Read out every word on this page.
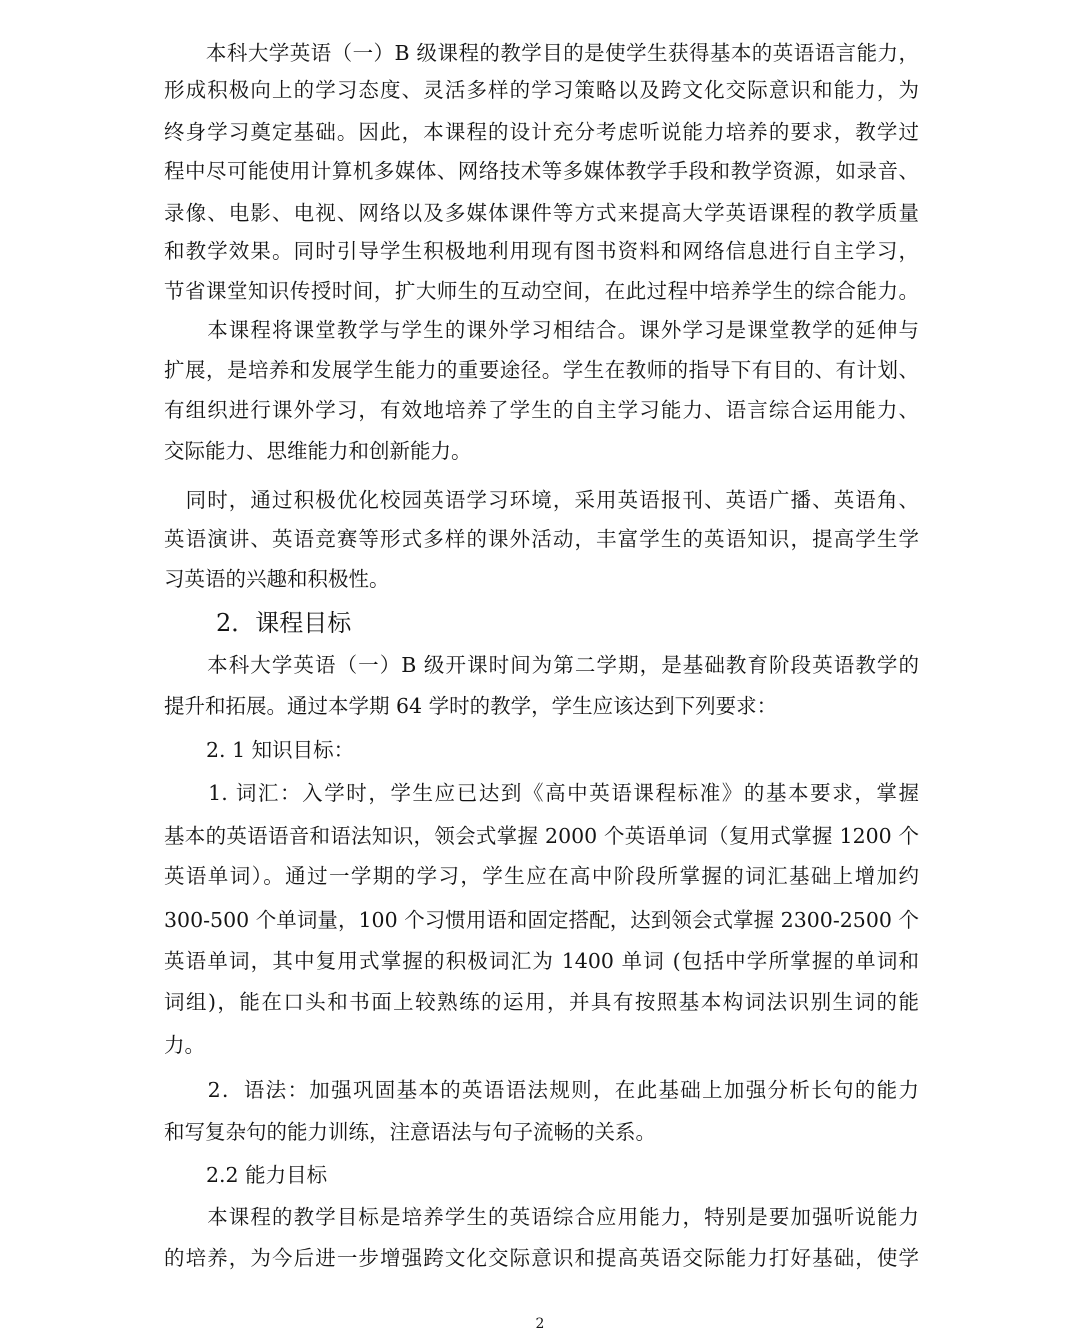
　　本科大学英语（一）B 级课程的教学目的是使学生获得基本的英语语言能力，
形成积极向上的学习态度、灵活多样的学习策略以及跨文化交际意识和能力，为
终身学习奠定基础。因此，本课程的设计充分考虑听说能力培养的要求，教学过
程中尽可能使用计算机多媒体、网络技术等多媒体教学手段和教学资源，如录音、
录像、电影、电视、网络以及多媒体课件等方式来提高大学英语课程的教学质量
和教学效果。同时引导学生积极地利用现有图书资料和网络信息进行自主学习，
节省课堂知识传授时间，扩大师生的互动空间，在此过程中培养学生的综合能力。
　　本课程将课堂教学与学生的课外学习相结合。课外学习是课堂教学的延伸与
扩展，是培养和发展学生能力的重要途径。学生在教师的指导下有目的、有计划、
有组织进行课外学习，有效地培养了学生的自主学习能力、语言综合运用能力、
交际能力、思维能力和创新能力。
　同时，通过积极优化校园英语学习环境，采用英语报刊、英语广播、英语角、
英语演讲、英语竞赛等形式多样的课外活动，丰富学生的英语知识，提高学生学
习英语的兴趣和积极性。
2．课程目标
　　本科大学英语（一）B 级开课时间为第二学期，是基础教育阶段英语教学的
提升和拓展。通过本学期 64 学时的教学，学生应该达到下列要求：
2. 1 知识目标：
　　1. 词汇：入学时，学生应已达到《高中英语课程标准》的基本要求，掌握
基本的英语语音和语法知识，领会式掌握 2000 个英语单词（复用式掌握 1200 个
英语单词）。通过一学期的学习，学生应在高中阶段所掌握的词汇基础上增加约
300-500 个单词量，100 个习惯用语和固定搭配，达到领会式掌握 2300-2500 个
英语单词，其中复用式掌握的积极词汇为 1400 单词 (包括中学所掌握的单词和
词组)，能在口头和书面上较熟练的运用，并具有按照基本构词法识别生词的能
力。
　　2．语法：加强巩固基本的英语语法规则，在此基础上加强分析长句的能力
和写复杂句的能力训练，注意语法与句子流畅的关系。
2.2 能力目标
　　本课程的教学目标是培养学生的英语综合应用能力，特别是要加强听说能力
的培养，为今后进一步增强跨文化交际意识和提高英语交际能力打好基础，使学
2
